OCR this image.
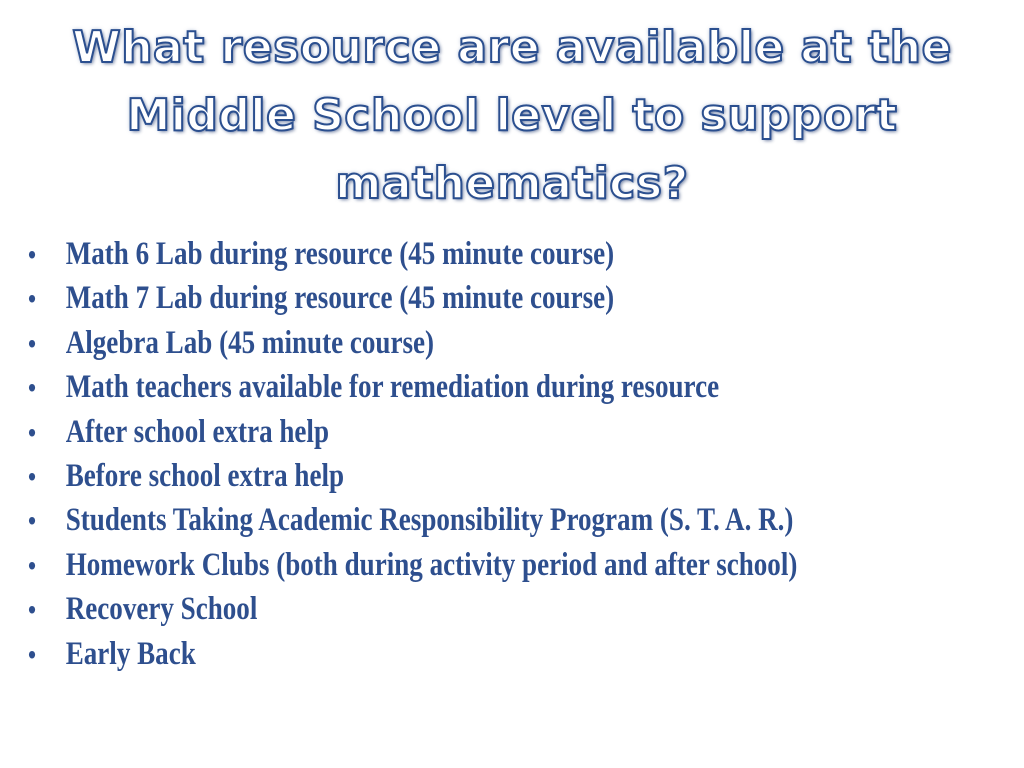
What resource are available at the
Middle School level to support
mathematics?
• Math 6 Lab during resource (45 minute course)
• Math 7 Lab during resource (45 minute course)
• Algebra Lab (45 minute course)
• Math teachers available for remediation during resource
• After school extra help
• Before school extra help
• Students Taking Academic Responsibility Program (S. T. A. R.)
• Homework Clubs (both during activity period and after school)
• Recovery School
• Early Back
